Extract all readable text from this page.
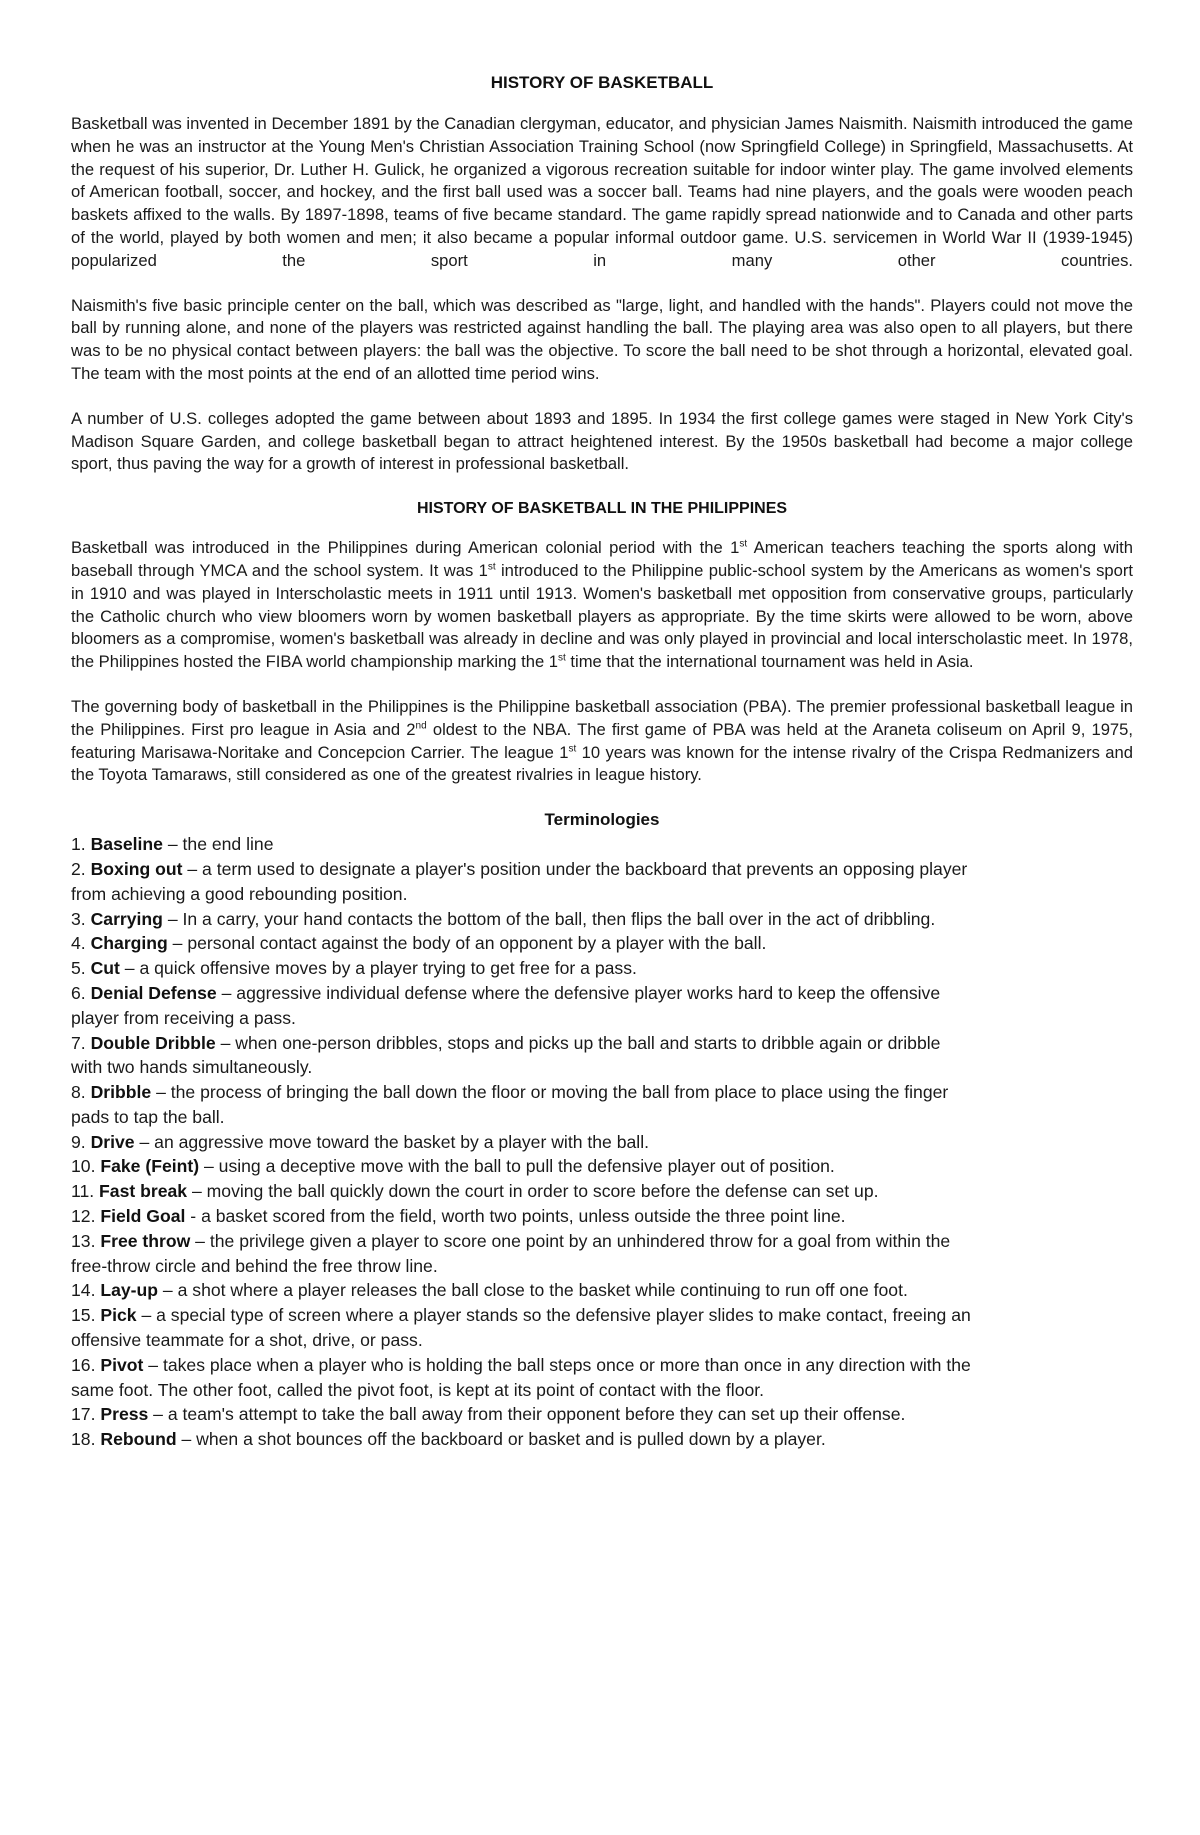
HISTORY OF BASKETBALL

Basketball was invented in December 1891 by the Canadian clergyman, educator, and physician James Naismith. Naismith introduced the game when he was an instructor at the Young Men's Christian Association Training School (now Springfield College) in Springfield, Massachusetts. At the request of his superior, Dr. Luther H. Gulick, he organized a vigorous recreation suitable for indoor winter play. The game involved elements of American football, soccer, and hockey, and the first ball used was a soccer ball. Teams had nine players, and the goals were wooden peach baskets affixed to the walls. By 1897-1898, teams of five became standard. The game rapidly spread nationwide and to Canada and other parts of the world, played by both women and men; it also became a popular informal outdoor game. U.S. servicemen in World War II (1939-1945) popularized the sport in many other countries.

Naismith's five basic principle center on the ball, which was described as "large, light, and handled with the hands". Players could not move the ball by running alone, and none of the players was restricted against handling the ball. The playing area was also open to all players, but there was to be no physical contact between players: the ball was the objective. To score the ball need to be shot through a horizontal, elevated goal. The team with the most points at the end of an allotted time period wins.

A number of U.S. colleges adopted the game between about 1893 and 1895. In 1934 the first college games were staged in New York City's Madison Square Garden, and college basketball began to attract heightened interest. By the 1950s basketball had become a major college sport, thus paving the way for a growth of interest in professional basketball.

HISTORY OF BASKETBALL IN THE PHILIPPINES

Basketball was introduced in the Philippines during American colonial period with the 1st American teachers teaching the sports along with baseball through YMCA and the school system. It was 1st introduced to the Philippine public-school system by the Americans as women's sport in 1910 and was played in Interscholastic meets in 1911 until 1913. Women's basketball met opposition from conservative groups, particularly the Catholic church who view bloomers worn by women basketball players as appropriate. By the time skirts were allowed to be worn, above bloomers as a compromise, women's basketball was already in decline and was only played in provincial and local interscholastic meet. In 1978, the Philippines hosted the FIBA world championship marking the 1st time that the international tournament was held in Asia.

The governing body of basketball in the Philippines is the Philippine basketball association (PBA). The premier professional basketball league in the Philippines. First pro league in Asia and 2nd oldest to the NBA. The first game of PBA was held at the Araneta coliseum on April 9, 1975, featuring Marisawa-Noritake and Concepcion Carrier. The league 1st 10 years was known for the intense rivalry of the Crispa Redmanizers and the Toyota Tamaraws, still considered as one of the greatest rivalries in league history.

Terminologies
1. Baseline – the end line
2. Boxing out – a term used to designate a player's position under the backboard that prevents an opposing player from achieving a good rebounding position.
3. Carrying – In a carry, your hand contacts the bottom of the ball, then flips the ball over in the act of dribbling.
4. Charging – personal contact against the body of an opponent by a player with the ball.
5. Cut – a quick offensive moves by a player trying to get free for a pass.
6. Denial Defense – aggressive individual defense where the defensive player works hard to keep the offensive player from receiving a pass.
7. Double Dribble – when one-person dribbles, stops and picks up the ball and starts to dribble again or dribble with two hands simultaneously.
8. Dribble – the process of bringing the ball down the floor or moving the ball from place to place using the finger pads to tap the ball.
9. Drive – an aggressive move toward the basket by a player with the ball.
10. Fake (Feint) – using a deceptive move with the ball to pull the defensive player out of position.
11. Fast break – moving the ball quickly down the court in order to score before the defense can set up.
12. Field Goal - a basket scored from the field, worth two points, unless outside the three point line.
13. Free throw – the privilege given a player to score one point by an unhindered throw for a goal from within the free-throw circle and behind the free throw line.
14. Lay-up – a shot where a player releases the ball close to the basket while continuing to run off one foot.
15. Pick – a special type of screen where a player stands so the defensive player slides to make contact, freeing an offensive teammate for a shot, drive, or pass.
16. Pivot – takes place when a player who is holding the ball steps once or more than once in any direction with the same foot. The other foot, called the pivot foot, is kept at its point of contact with the floor.
17. Press – a team's attempt to take the ball away from their opponent before they can set up their offense.
18. Rebound – when a shot bounces off the backboard or basket and is pulled down by a player.
